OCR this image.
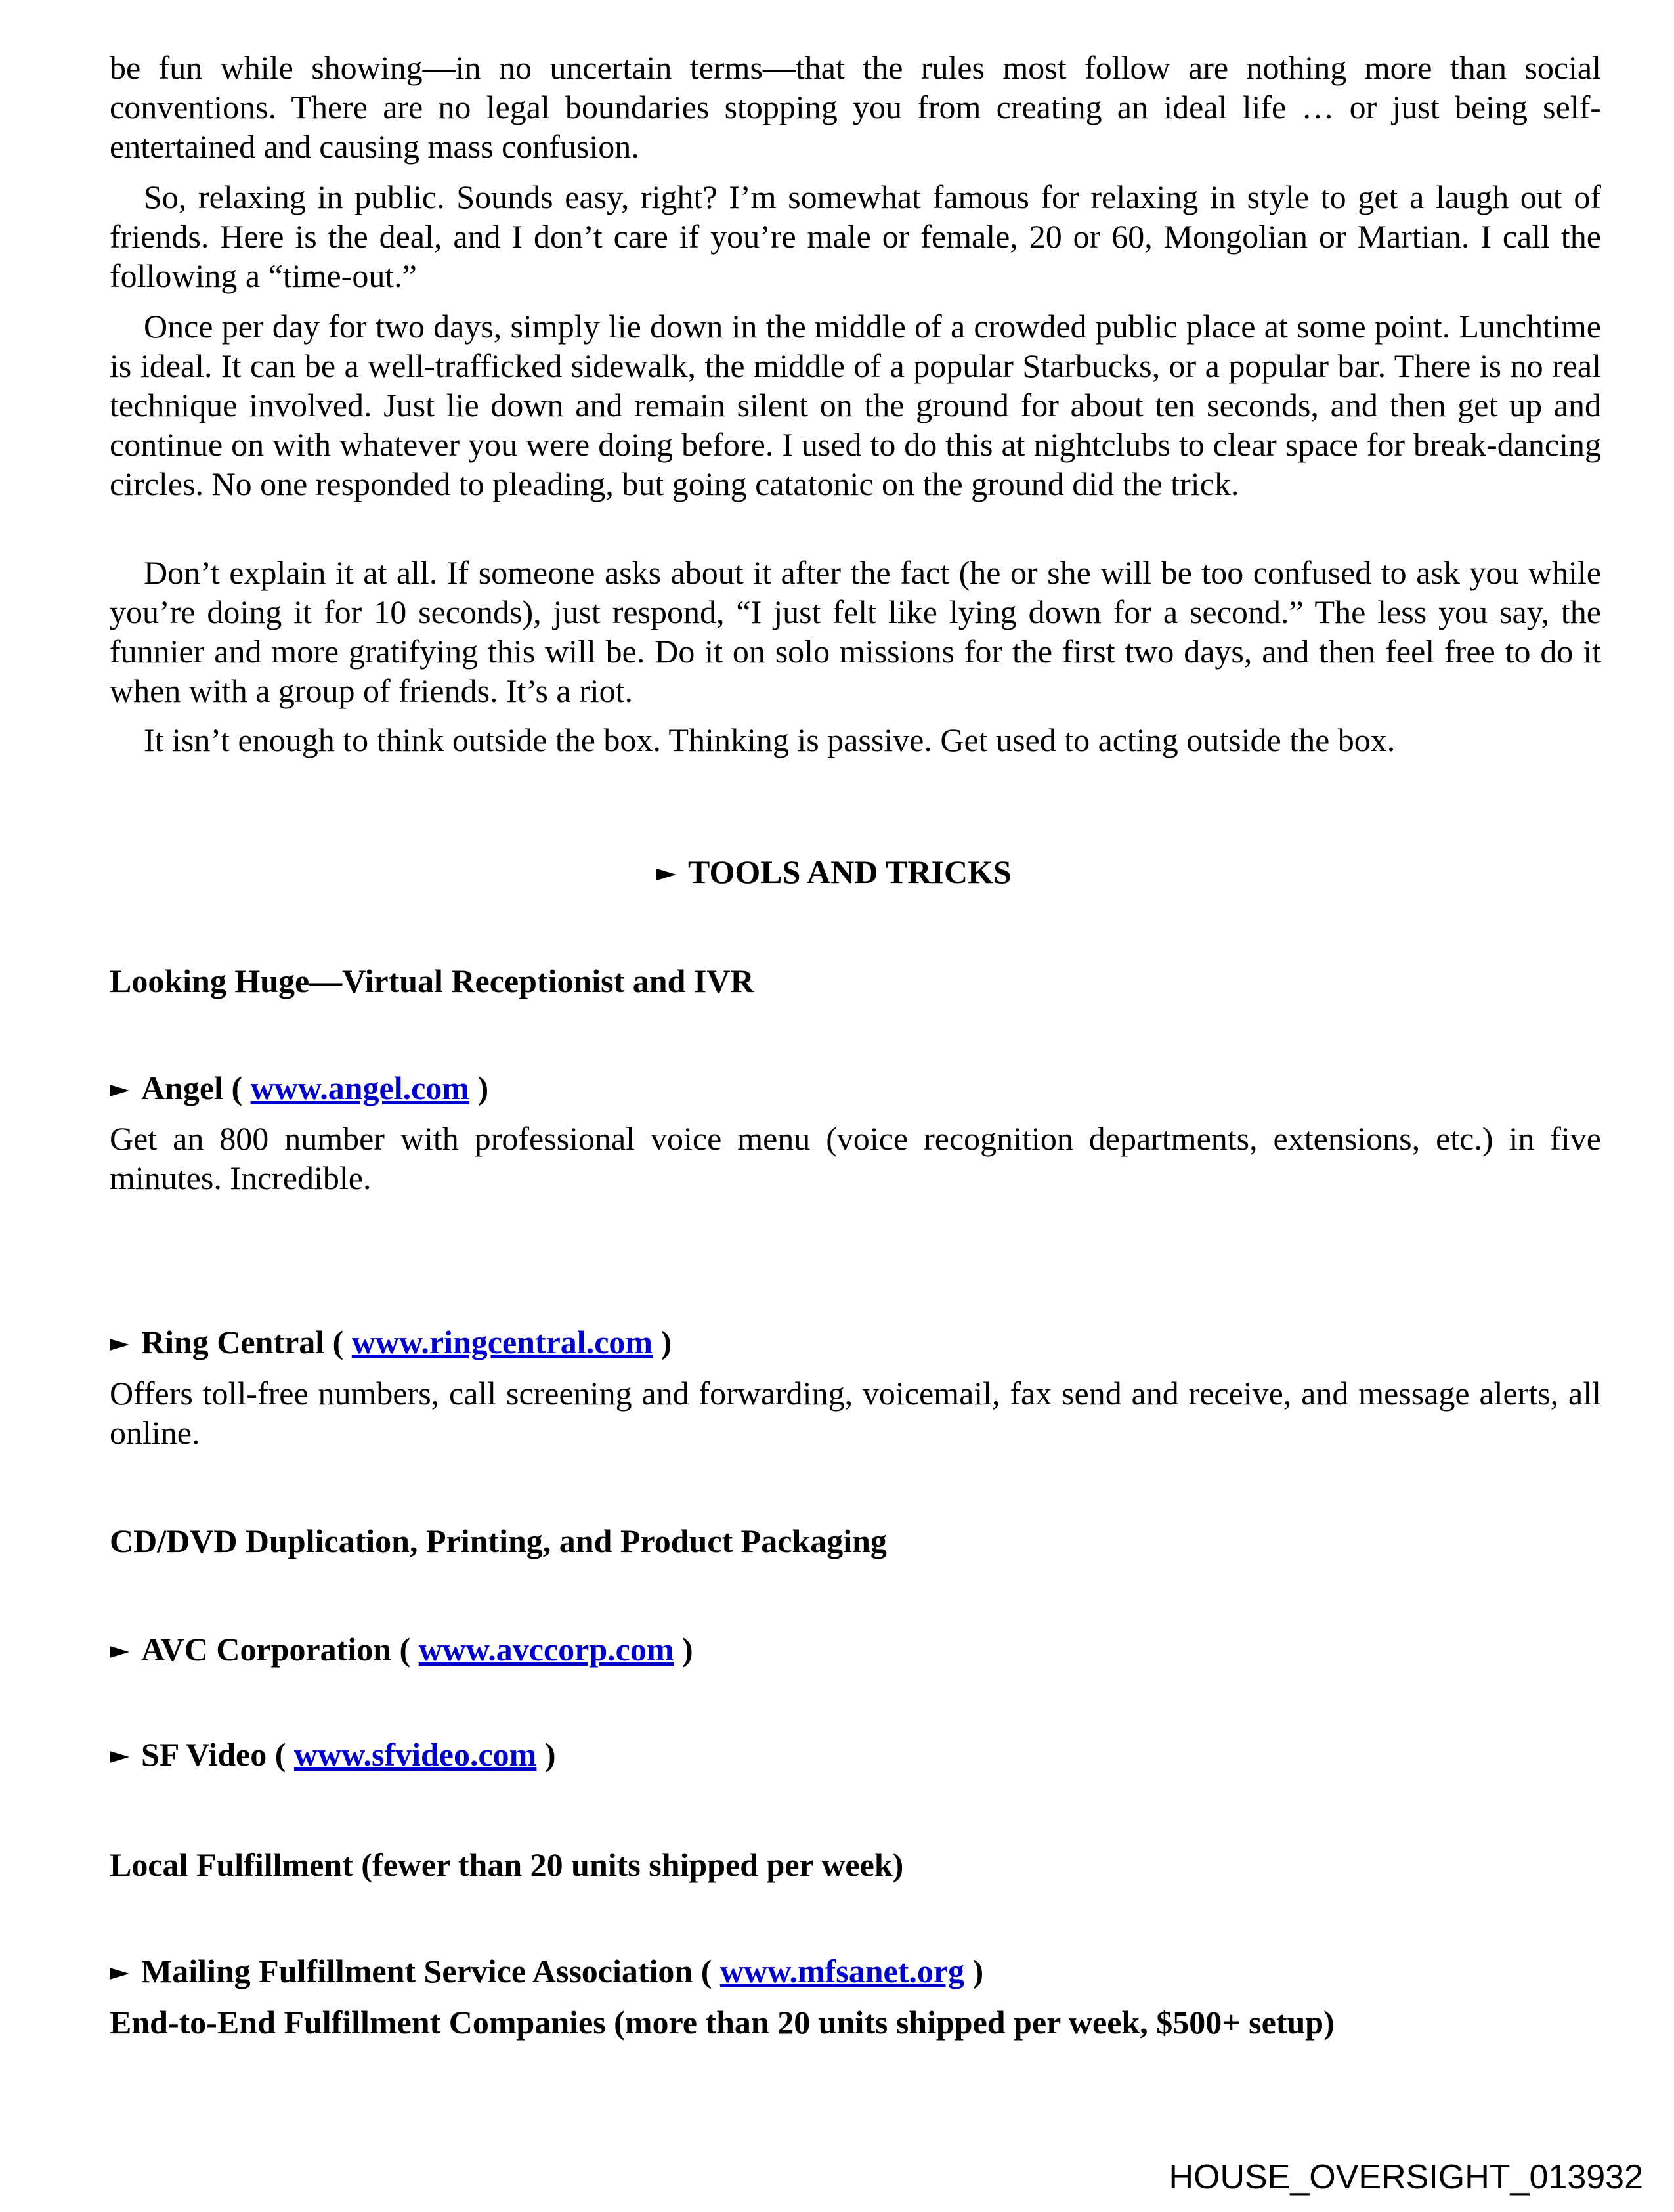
be fun while showing—in no uncertain terms—that the rules most follow are nothing more than social conventions. There are no legal boundaries stopping you from creating an ideal life … or just being self-entertained and causing mass confusion.
So, relaxing in public. Sounds easy, right? I’m somewhat famous for relaxing in style to get a laugh out of friends. Here is the deal, and I don’t care if you’re male or female, 20 or 60, Mongolian or Martian. I call the following a “time-out.”
Once per day for two days, simply lie down in the middle of a crowded public place at some point. Lunchtime is ideal. It can be a well-trafficked sidewalk, the middle of a popular Starbucks, or a popular bar. There is no real technique involved. Just lie down and remain silent on the ground for about ten seconds, and then get up and continue on with whatever you were doing before. I used to do this at nightclubs to clear space for break-dancing circles. No one responded to pleading, but going catatonic on the ground did the trick.
Don’t explain it at all. If someone asks about it after the fact (he or she will be too confused to ask you while you’re doing it for 10 seconds), just respond, “I just felt like lying down for a second.” The less you say, the funnier and more gratifying this will be. Do it on solo missions for the first two days, and then feel free to do it when with a group of friends. It’s a riot.
It isn’t enough to think outside the box. Thinking is passive. Get used to acting outside the box.
TOOLS AND TRICKS
Looking Huge—Virtual Receptionist and IVR
Angel ( www.angel.com )
Get an 800 number with professional voice menu (voice recognition departments, extensions, etc.) in five minutes. Incredible.
Ring Central ( www.ringcentral.com )
Offers toll-free numbers, call screening and forwarding, voicemail, fax send and receive, and message alerts, all online.
CD/DVD Duplication, Printing, and Product Packaging
AVC Corporation ( www.avccorp.com )
SF Video ( www.sfvideo.com )
Local Fulfillment (fewer than 20 units shipped per week)
Mailing Fulfillment Service Association ( www.mfsanet.org )
End-to-End Fulfillment Companies (more than 20 units shipped per week, $500+ setup)
HOUSE_OVERSIGHT_013932
